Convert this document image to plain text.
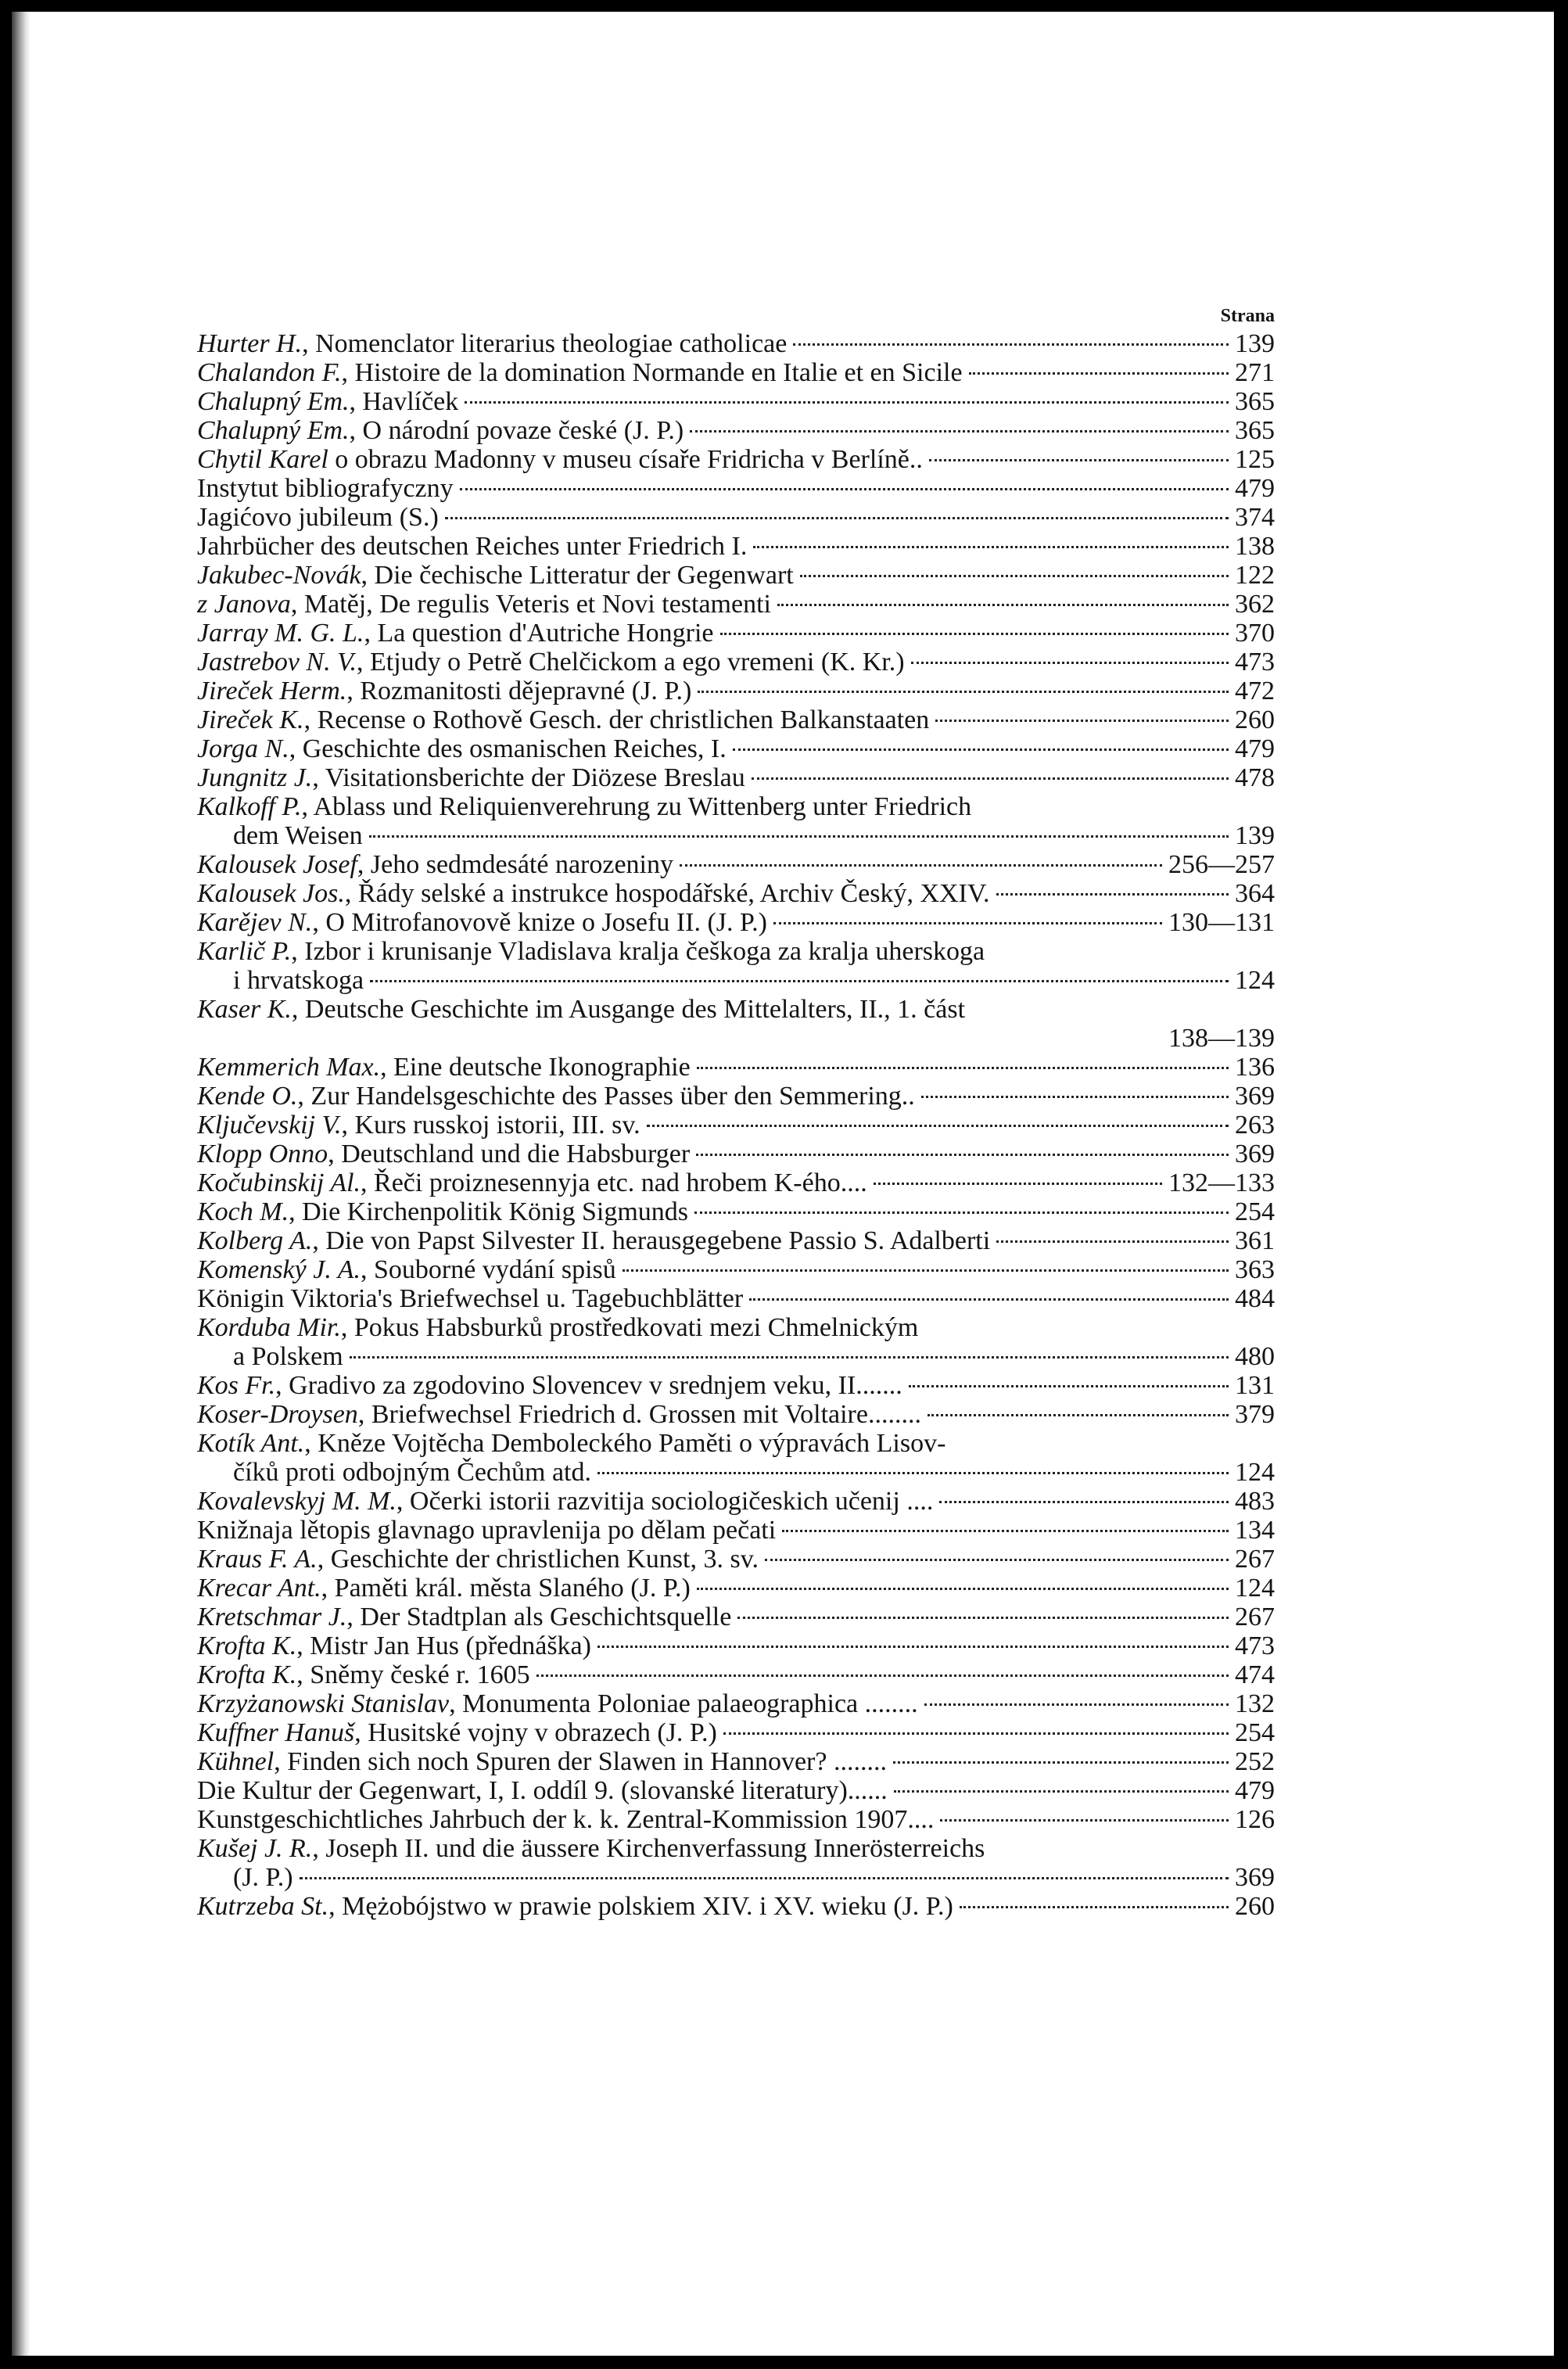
Strana
Hurter H., Nomenclator literarius theologiae catholicae	139
Chalandon F., Histoire de la domination Normande en Italie et en Sicile	271
Chalupný Em., Havlíček	365
Chalupný Em., O národní povaze české (J. P.)	365
Chytil Karel o obrazu Madonny v museu císaře Fridricha v Berlíně..	125
Instytut bibliografyczny	479
Jagićovo jubileum (S.)	374
Jahrbücher des deutschen Reiches unter Friedrich I.	138
Jakubec-Novák, Die čechische Litteratur der Gegenwart	122
z Janova, Matěj, De regulis Veteris et Novi testamenti	362
Jarray M. G. L., La question d'Autriche Hongrie	370
Jastrebov N. V., Etjudy o Petrě Chelčickom a ego vremeni (K. Kr.)	473
Jireček Herm., Rozmanitosti dějepravné (J. P.)	472
Jireček K., Recense o Rothově Gesch. der christlichen Balkanstaaten	260
Jorga N., Geschichte des osmanischen Reiches, I.	479
Jungnitz J., Visitationsberichte der Diözese Breslau	478
Kalkoff P., Ablass und Reliquienverehrung zu Wittenberg unter Friedrich
dem Weisen	139
Kalousek Josef, Jeho sedmdesáté narozeniny	256—257
Kalousek Jos., Řády selské a instrukce hospodářské, Archiv Český, XXIV.	364
Karějev N., O Mitrofanovově knize o Josefu II. (J. P.)	130—131
Karlič P., Izbor i krunisanje Vladislava kralja češkoga za kralja uherskoga
i hrvatskoga	124
Kaser K., Deutsche Geschichte im Ausgange des Mittelalters, II., 1. část
138—139
Kemmerich Max., Eine deutsche Ikonographie	136
Kende O., Zur Handelsgeschichte des Passes über den Semmering..	369
Ključevskij V., Kurs russkoj istorii, III. sv.	263
Klopp Onno, Deutschland und die Habsburger	369
Kočubinskij Al., Řeči proiznesennyja etc. nad hrobem K-ého....	132—133
Koch M., Die Kirchenpolitik König Sigmunds	254
Kolberg A., Die von Papst Silvester II. herausgegebene Passio S. Adalberti	361
Komenský J. A., Souborné vydání spisů	363
Königin Viktoria's Briefwechsel u. Tagebuchblätter	484
Korduba Mir., Pokus Habsburků prostředkovati mezi Chmelnickým
a Polskem	480
Kos Fr., Gradivo za zgodovino Slovencev v srednjem veku, II.......	131
Koser-Droysen, Briefwechsel Friedrich d. Grossen mit Voltaire........	379
Kotík Ant., Kněze Vojtěcha Demboleckého Paměti o výpravách Lisov-
číků proti odbojným Čechům atd.	124
Kovalevskyj M. M., Očerki istorii razvitija sociologičeskich učenij ....	483
Knižnaja lětopis glavnago upravlenija po dělam pečati	134
Kraus F. A., Geschichte der christlichen Kunst, 3. sv.	267
Krecar Ant., Paměti král. města Slaného (J. P.)	124
Kretschmar J., Der Stadtplan als Geschichtsquelle	267
Krofta K., Mistr Jan Hus (přednáška)	473
Krofta K., Sněmy české r. 1605	474
Krzyżanowski Stanislav, Monumenta Poloniae palaeographica ........	132
Kuffner Hanuš, Husitské vojny v obrazech (J. P.)	254
Kühnel, Finden sich noch Spuren der Slawen in Hannover? ........	252
Die Kultur der Gegenwart, I, I. oddíl 9. (slovanské literatury)......	479
Kunstgeschichtliches Jahrbuch der k. k. Zentral-Kommission 1907....	126
Kušej J. R., Joseph II. und die äussere Kirchenverfassung Innerösterreichs
(J. P.)	369
Kutrzeba St., Mężobójstwo w prawie polskiem XIV. i XV. wieku (J. P.)	260
